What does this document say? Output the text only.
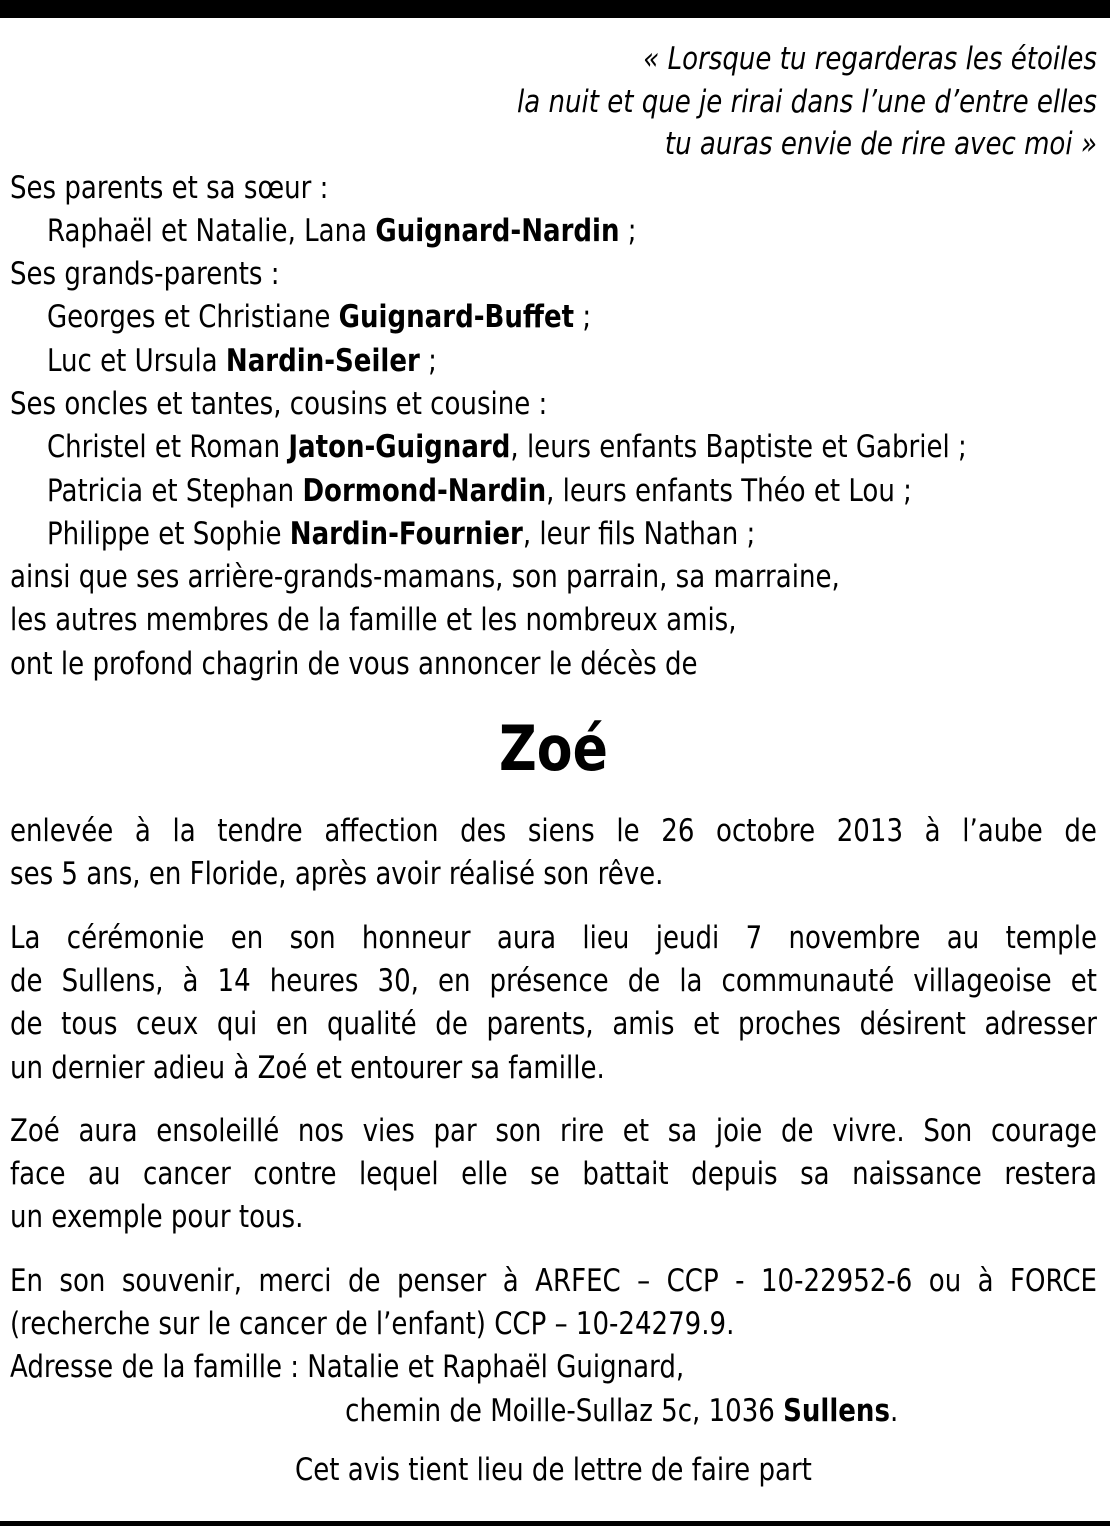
« Lorsque tu regarderas les étoiles
la nuit et que je rirai dans l’une d’entre elles
tu auras envie de rire avec moi »
Ses parents et sa sœur :
Raphaël et Natalie, Lana Guignard-Nardin ;
Ses grands-parents :
Georges et Christiane Guignard-Buffet ;
Luc et Ursula Nardin-Seiler ;
Ses oncles et tantes, cousins et cousine :
Christel et Roman Jaton-Guignard, leurs enfants Baptiste et Gabriel ;
Patricia et Stephan Dormond-Nardin, leurs enfants Théo et Lou ;
Philippe et Sophie Nardin-Fournier, leur fils Nathan ;
ainsi que ses arrière-grands-mamans, son parrain, sa marraine,
les autres membres de la famille et les nombreux amis,
ont le profond chagrin de vous annoncer le décès de
Zoé
enlevée à la tendre affection des siens le 26 octobre 2013 à l’aube de
ses 5 ans, en Floride, après avoir réalisé son rêve.
La cérémonie en son honneur aura lieu jeudi 7 novembre au temple
de Sullens, à 14 heures 30, en présence de la communauté villageoise et
de tous ceux qui en qualité de parents, amis et proches désirent adresser
un dernier adieu à Zoé et entourer sa famille.
Zoé aura ensoleillé nos vies par son rire et sa joie de vivre. Son courage
face au cancer contre lequel elle se battait depuis sa naissance restera
un exemple pour tous.
En son souvenir, merci de penser à ARFEC – CCP - 10-22952-6 ou à FORCE
(recherche sur le cancer de l’enfant) CCP – 10-24279.9.
Adresse de la famille : Natalie et Raphaël Guignard,
chemin de Moille-Sullaz 5c, 1036 Sullens.
Cet avis tient lieu de lettre de faire part
